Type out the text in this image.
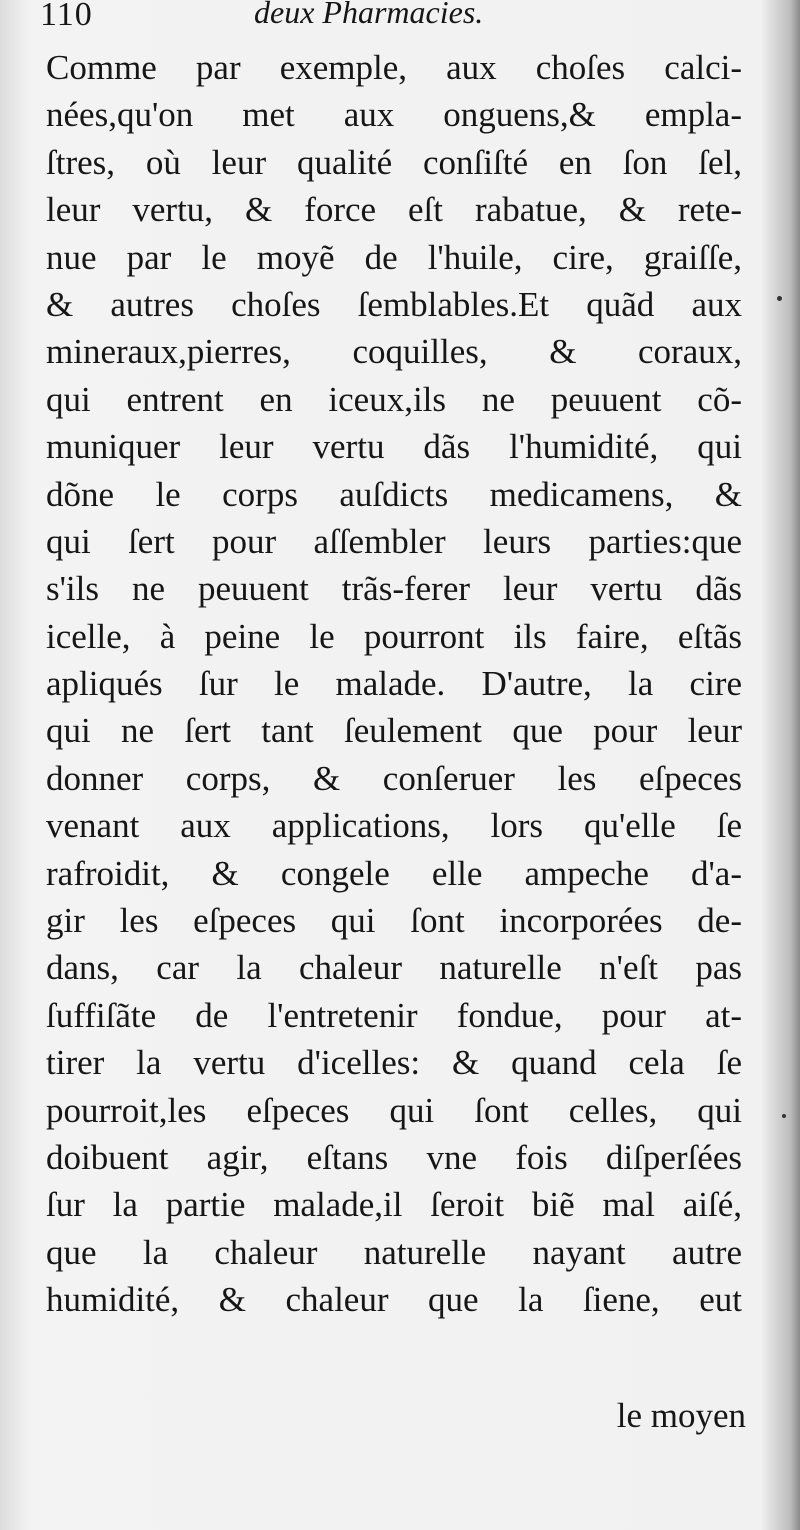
110	deux Pharmacies.
Comme par exemple, aux choſes calci-
nées,qu'on met aux onguens,& empla-
ſtres, où leur qualité conſiſté en ſon ſel,
leur vertu, & force eſt rabatue, & rete-
nue par le moyẽ de l'huile, cire, graiſſe,
& autres choſes ſemblables.Et quãd aux
mineraux,pierres, coquilles, & coraux,
qui entrent en iceux,ils ne peuuent cõ-
muniquer leur vertu dãs l'humidité, qui
dõne le corps auſdicts medicamens, &
qui ſert pour aſſembler leurs parties:que
s'ils ne peuuent trãs-ferer leur vertu dãs
icelle, à peine le pourront ils faire, eſtãs
apliqués ſur le malade. D'autre, la cire
qui ne ſert tant ſeulement que pour leur
donner corps, & conſeruer les eſpeces
venant aux applications, lors qu'elle ſe
rafroidit, & congele elle ampeche d'a-
gir les eſpeces qui ſont incorporées de-
dans, car la chaleur naturelle n'eſt pas
ſuffiſãte de l'entretenir fondue, pour at-
tirer la vertu d'icelles: & quand cela ſe
pourroit,les eſpeces qui ſont celles, qui
doibuent agir, eſtans vne fois diſperſées
ſur la partie malade,il ſeroit biẽ mal aiſé,
que la chaleur naturelle nayant autre
humidité, & chaleur que la ſiene, eut
le moyen
